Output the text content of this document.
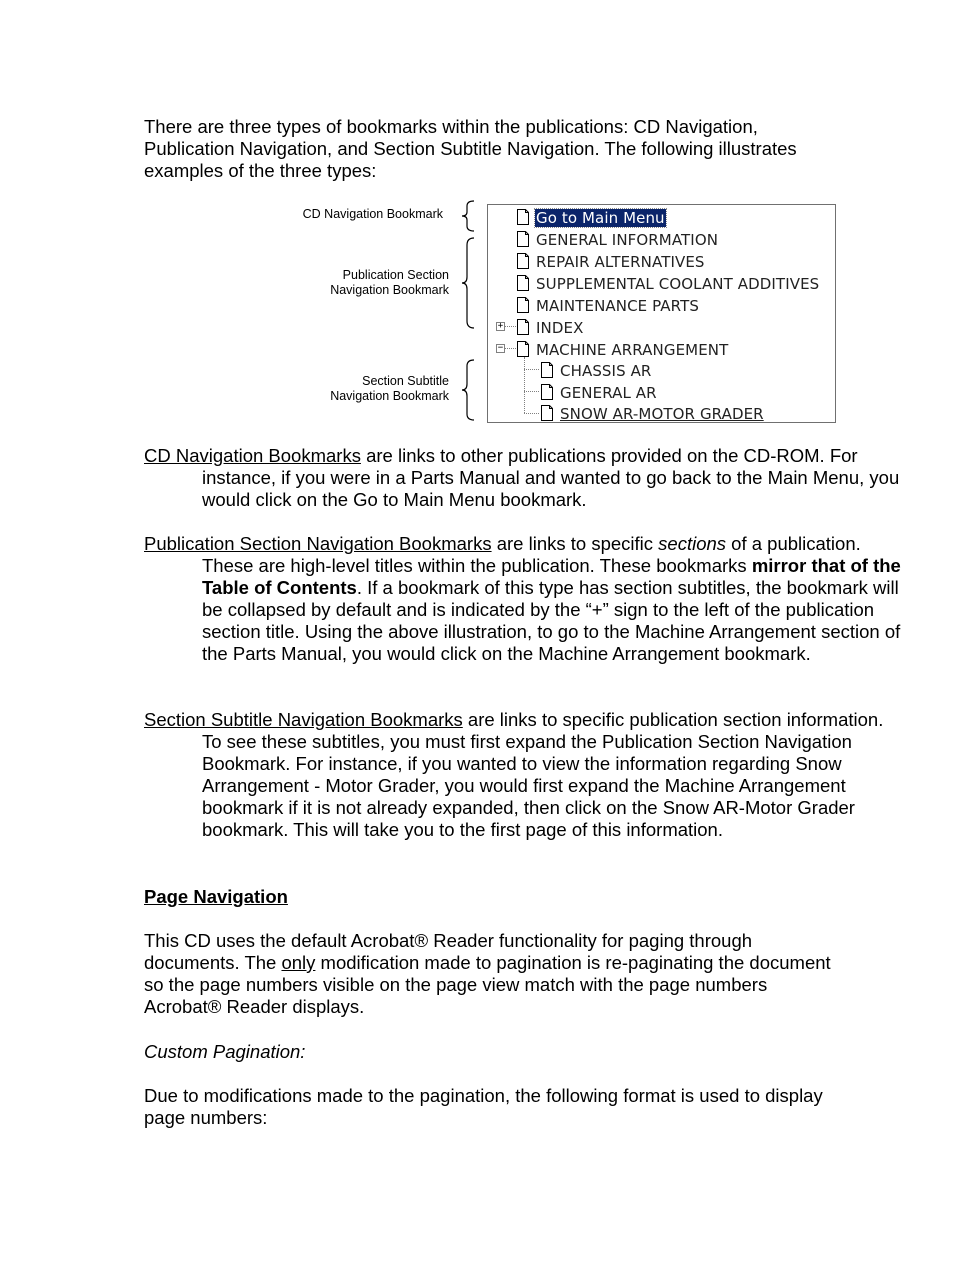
There are three types of bookmarks within the publications: CD Navigation,
Publication Navigation, and Section Subtitle Navigation. The following illustrates
examples of the three types:
CD Navigation Bookmark
Publication Section
Navigation Bookmark
Section Subtitle
Navigation Bookmark
Go to Main Menu
GENERAL INFORMATION
REPAIR ALTERNATIVES
SUPPLEMENTAL COOLANT ADDITIVES
MAINTENANCE PARTS
+ INDEX
− MACHINE ARRANGEMENT
CHASSIS AR
GENERAL AR
SNOW AR-MOTOR GRADER
CD Navigation Bookmarks are links to other publications provided on the CD-ROM. For instance, if you were in a Parts Manual and wanted to go back to the Main Menu, you would click on the Go to Main Menu bookmark.
Publication Section Navigation Bookmarks are links to specific sections of a publication. These are high-level titles within the publication. These bookmarks mirror that of the Table of Contents. If a bookmark of this type has section subtitles, the bookmark will be collapsed by default and is indicated by the “+” sign to the left of the publication section title. Using the above illustration, to go to the Machine Arrangement section of the Parts Manual, you would click on the Machine Arrangement bookmark.
Section Subtitle Navigation Bookmarks are links to specific publication section information. To see these subtitles, you must first expand the Publication Section Navigation Bookmark. For instance, if you wanted to view the information regarding Snow Arrangement - Motor Grader, you would first expand the Machine Arrangement bookmark if it is not already expanded, then click on the Snow AR-Motor Grader bookmark. This will take you to the first page of this information.
Page Navigation
This CD uses the default Acrobat® Reader functionality for paging through documents. The only modification made to pagination is re-paginating the document so the page numbers visible on the page view match with the page numbers Acrobat® Reader displays.
Custom Pagination:
Due to modifications made to the pagination, the following format is used to display page numbers:
